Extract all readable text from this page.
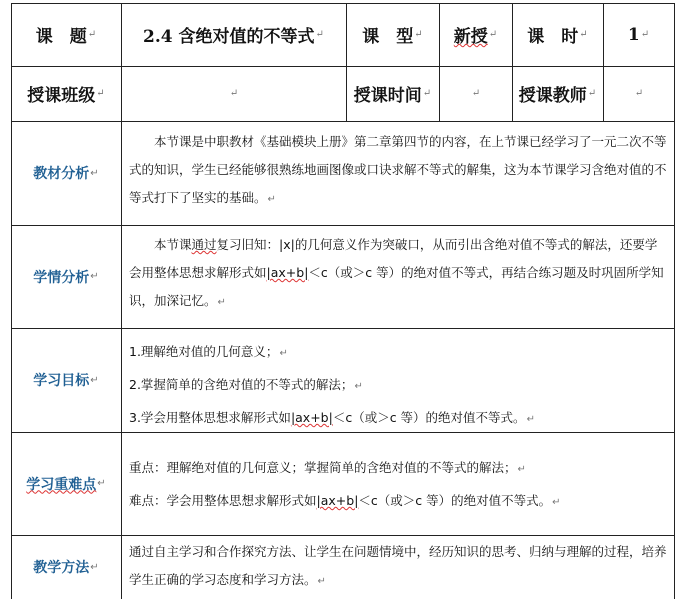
课　题 ↵	2.4 含绝对值的不等式 ↵ 课　型 ↵ 新授 ↵ 课　时 ↵ 1 ↵
授课班级 ↵	↵	授课时间 ↵	↵ 授课教师 ↵	↵
教材分析 ↵
本节课是中职教材《基础模块上册》第二章第四节的内容，在上节课已经学习了一元二次不等式的知识，学生已经能够很熟练地画图像或口诀求解不等式的解集，这为本节课学习含绝对值的不等式打下了坚实的基础。↵
学情分析 ↵
本节课通过复习旧知：|x|的几何意义作为突破口，从而引出含绝对值不等式的解法，还要学会用整体思想求解形式如|ax+b|＜c（或＞c 等）的绝对值不等式，再结合练习题及时巩固所学知识，加深记忆。↵
学习目标 ↵
1.理解绝对值的几何意义；↵
2.掌握简单的含绝对值的不等式的解法；↵
3.学会用整体思想求解形式如|ax+b|＜c（或＞c 等）的绝对值不等式。↵
学习重难点 ↵
重点：理解绝对值的几何意义；掌握简单的含绝对值的不等式的解法；↵
难点：学会用整体思想求解形式如|ax+b|＜c（或＞c 等）的绝对值不等式。↵
教学方法 ↵
通过自主学习和合作探究方法、让学生在问题情境中，经历知识的思考、归纳与理解的过程，培养学生正确的学习态度和学习方法。↵
